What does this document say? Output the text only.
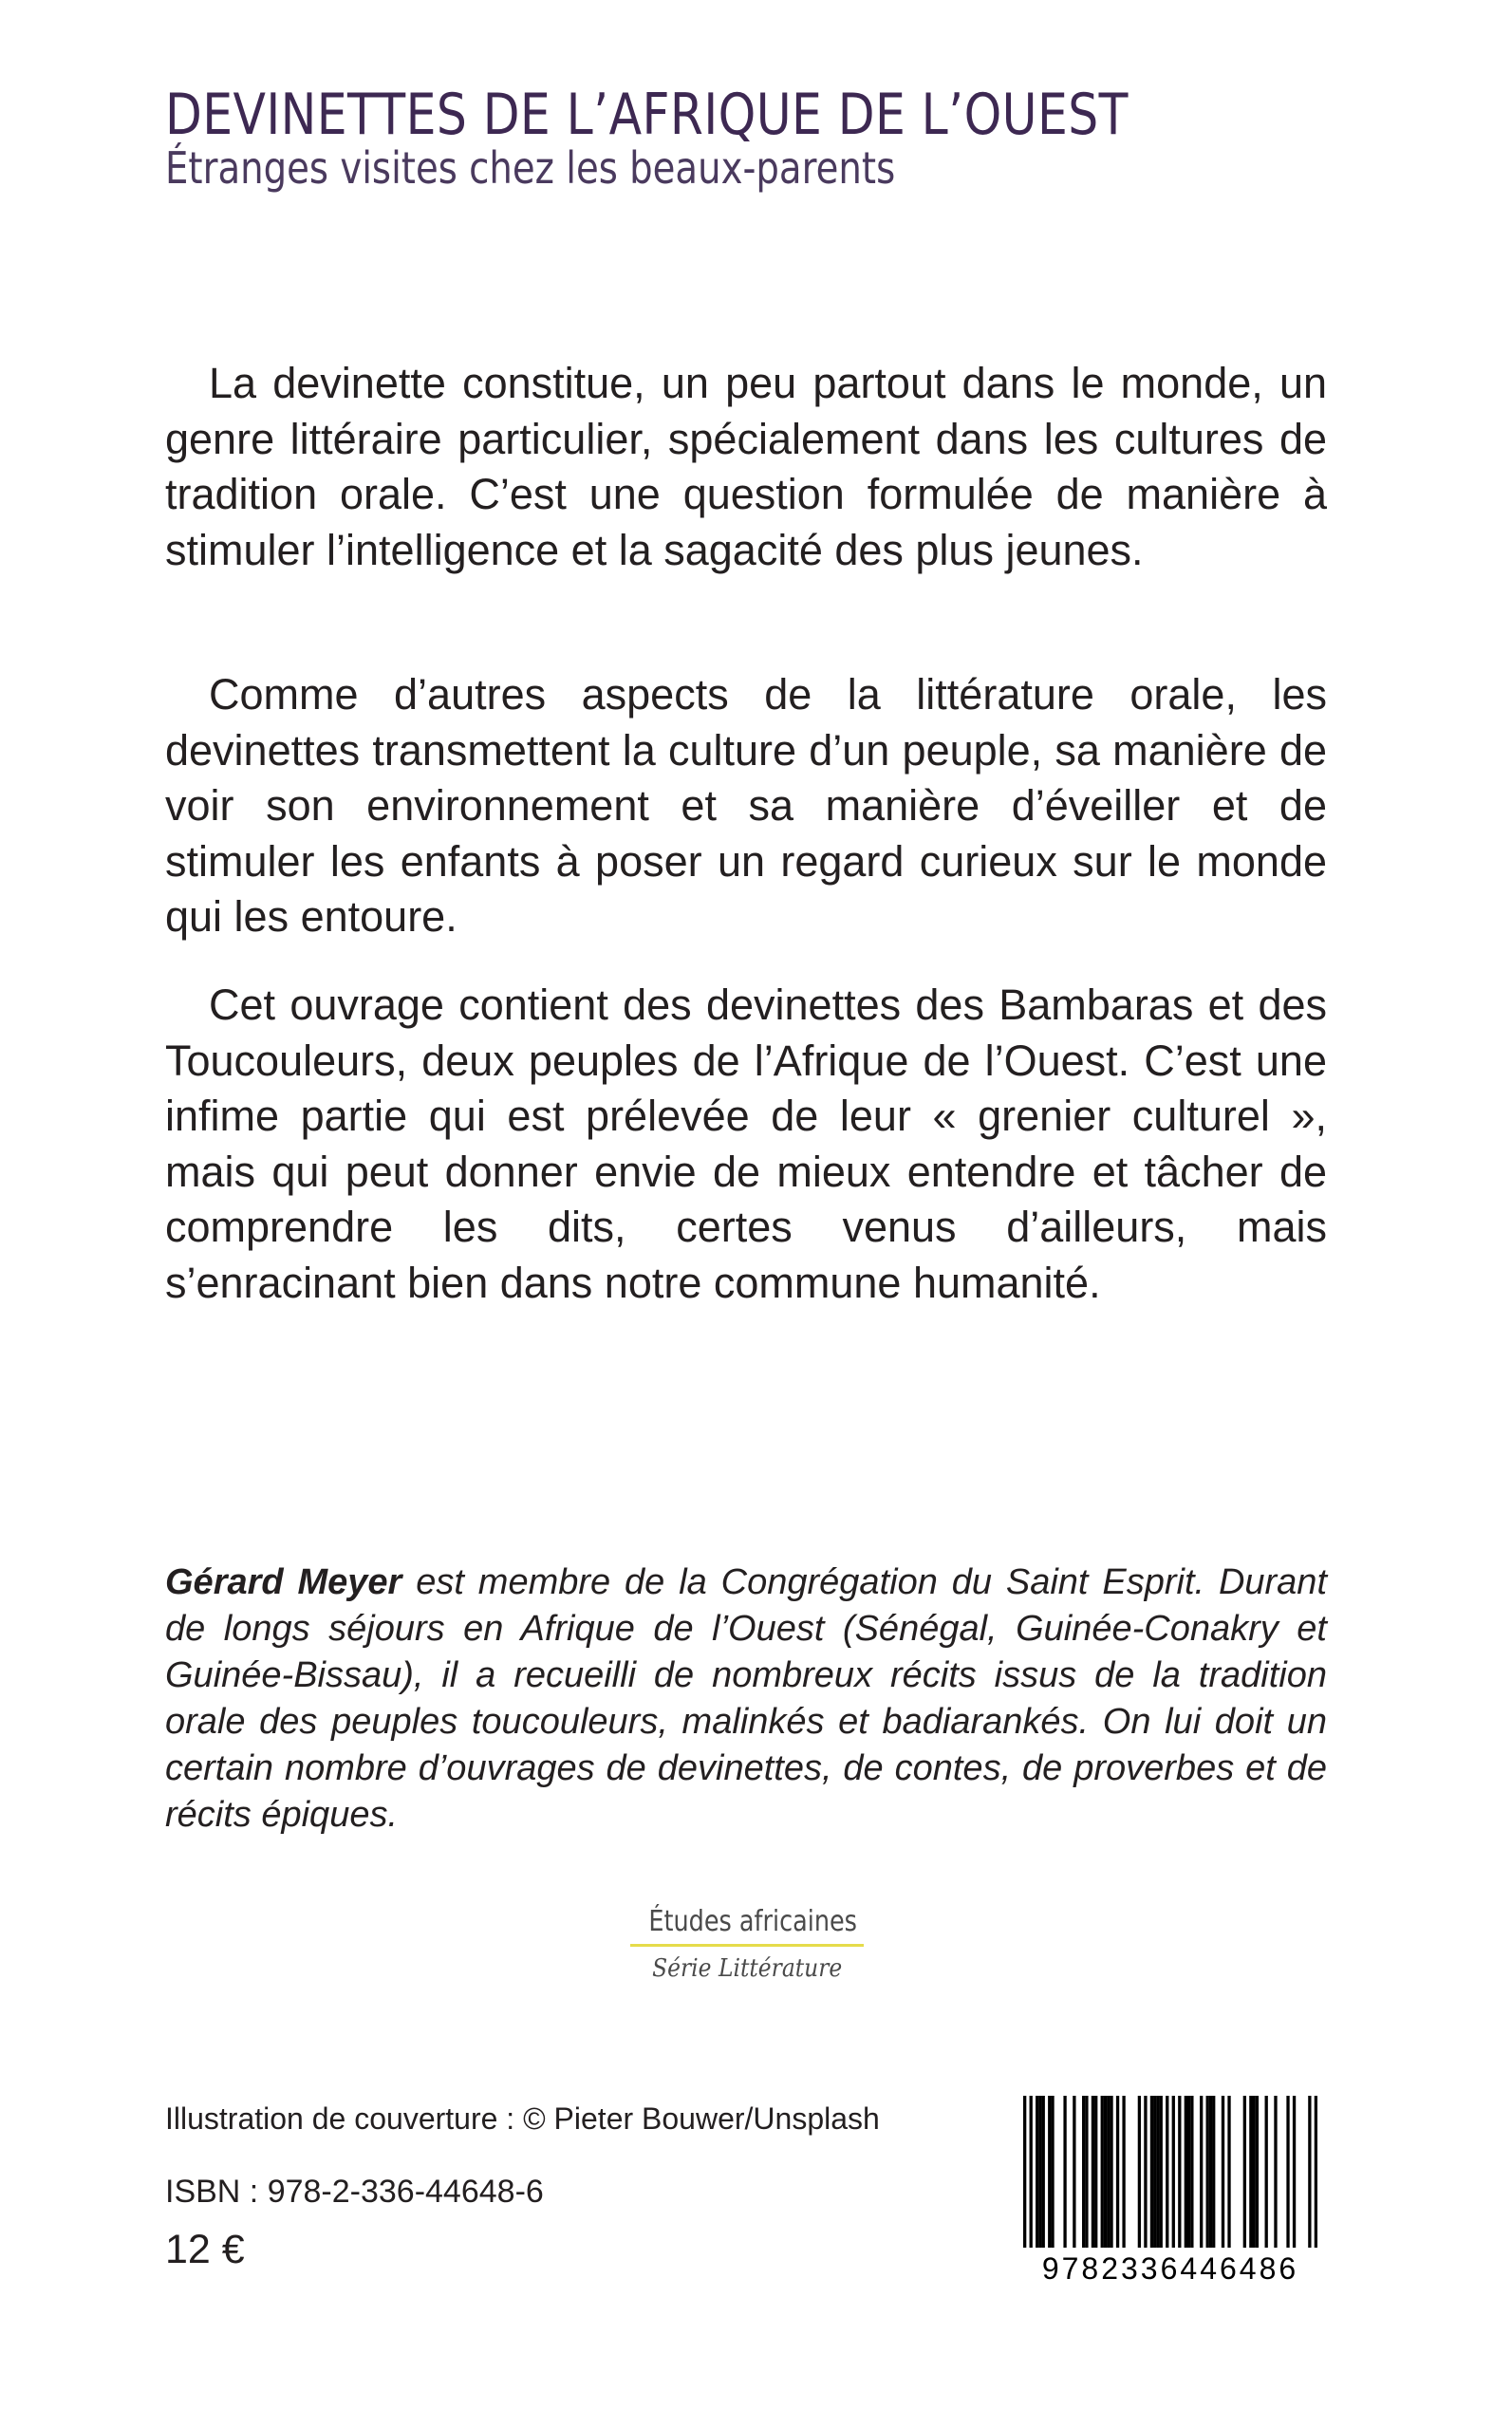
DEVINETTES DE L’AFRIQUE DE L’OUEST
Étranges visites chez les beaux-parents

La devinette constitue, un peu partout dans le monde, un genre littéraire particulier, spécialement dans les cultures de tradition orale. C’est une question formulée de manière à stimuler l’intelligence et la sagacité des plus jeunes.

Comme d’autres aspects de la littérature orale, les devinettes transmettent la culture d’un peuple, sa manière de voir son environnement et sa manière d’éveiller et de stimuler les enfants à poser un regard curieux sur le monde qui les entoure.

Cet ouvrage contient des devinettes des Bambaras et des Toucouleurs, deux peuples de l’Afrique de l’Ouest. C’est une infime partie qui est prélevée de leur « grenier culturel », mais qui peut donner envie de mieux entendre et tâcher de comprendre les dits, certes venus d’ailleurs, mais s’enracinant bien dans notre commune humanité.

Gérard Meyer est membre de la Congrégation du Saint Esprit. Durant de longs séjours en Afrique de l’Ouest (Sénégal, Guinée-Conakry et Guinée-Bissau), il a recueilli de nombreux récits issus de la tradition orale des peuples toucouleurs, malinkés et badiarankés. On lui doit un certain nombre d’ouvrages de devinettes, de contes, de proverbes et de récits épiques.

Études africaines
Série Littérature
Illustration de couverture : © Pieter Bouwer/Unsplash
ISBN : 978-2-336-44648-6
12 €	9782336446486
